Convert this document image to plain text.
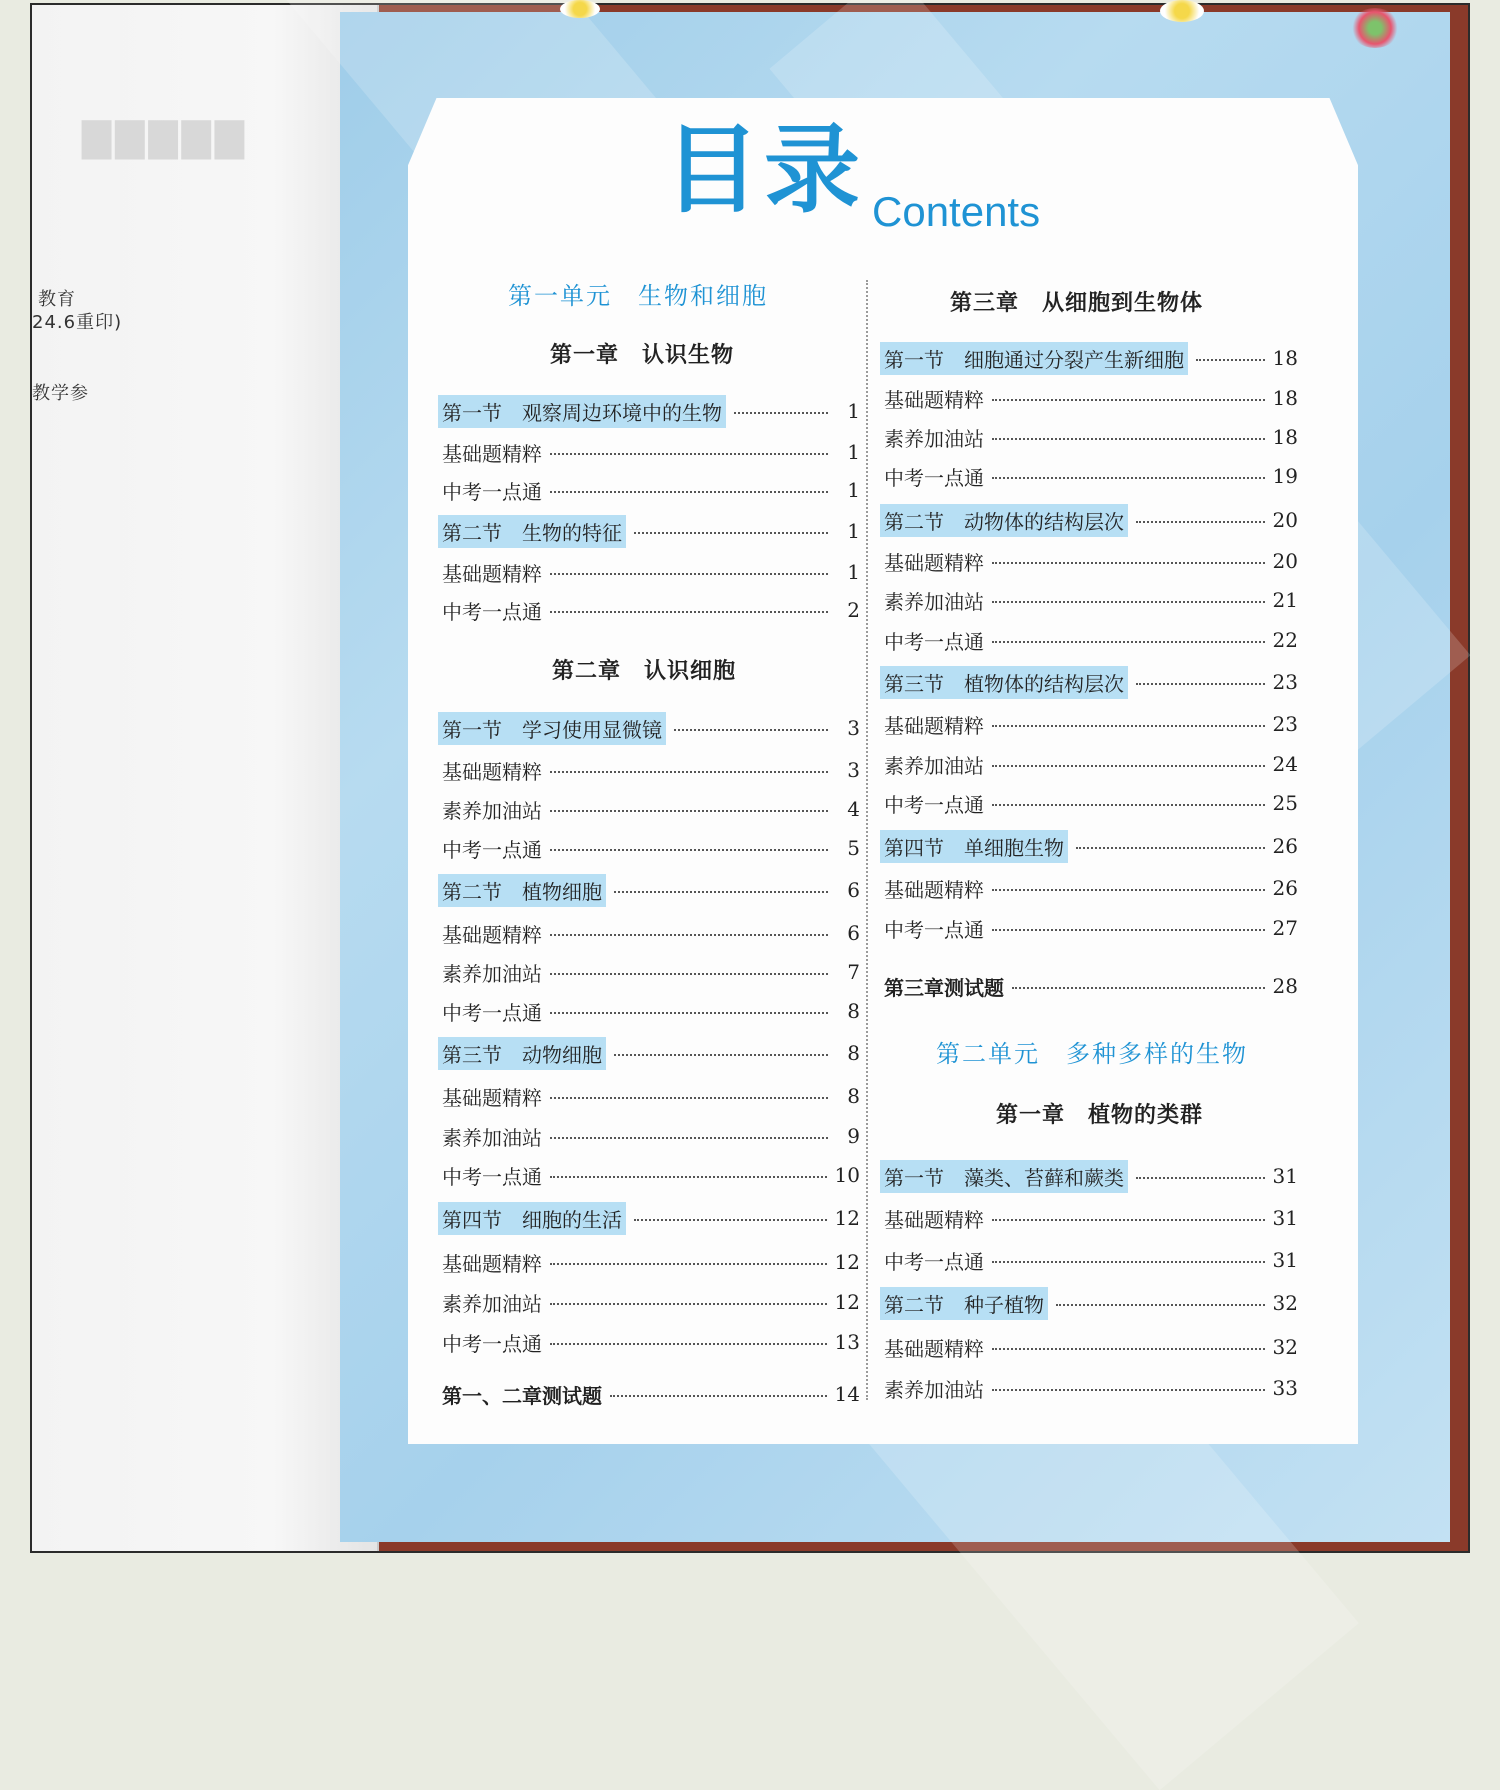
▇▇▇▇▇
教育
24.6重印)
教学参
目录 Contents
第一单元　生物和细胞
第一章　认识生物
第二章　认识细胞
第三章　从细胞到生物体
第二单元　多种多样的生物
第一章　植物的类群
第一节　观察周边环境中的生物	1
基础题精粹	1
中考一点通	1
第二节　生物的特征	1
基础题精粹	1
中考一点通	2
第一节　学习使用显微镜	3
基础题精粹	3
素养加油站	4
中考一点通	5
第二节　植物细胞	6
基础题精粹	6
素养加油站	7
中考一点通	8
第三节　动物细胞	8
基础题精粹	8
素养加油站	9
中考一点通	10
第四节　细胞的生活	12
基础题精粹	12
素养加油站	12
中考一点通	13
第一、二章测试题	14
第一节　细胞通过分裂产生新细胞	18
基础题精粹	18
素养加油站	18
中考一点通	19
第二节　动物体的结构层次	20
基础题精粹	20
素养加油站	21
中考一点通	22
第三节　植物体的结构层次	23
基础题精粹	23
素养加油站	24
中考一点通	25
第四节　单细胞生物	26
基础题精粹	26
中考一点通	27
第三章测试题	28
第一节　藻类、苔藓和蕨类	31
基础题精粹	31
中考一点通	31
第二节　种子植物	32
基础题精粹	32
素养加油站	33
